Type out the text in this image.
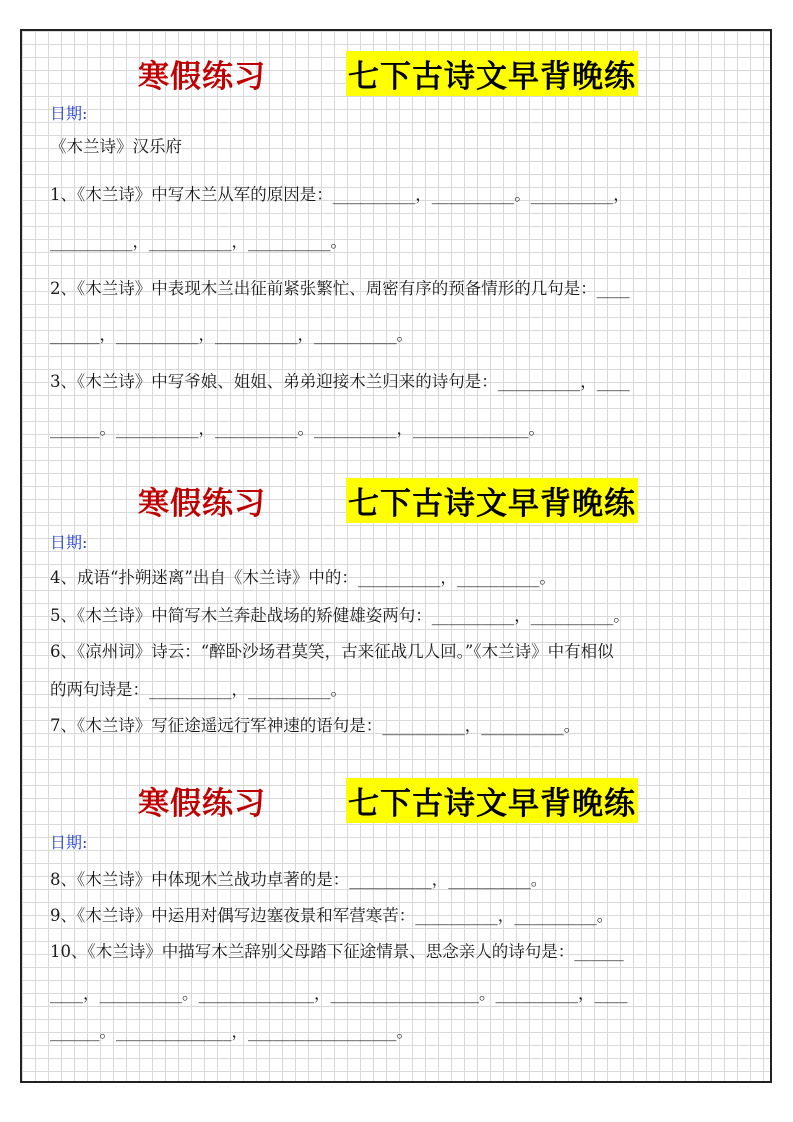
寒假练习	七下古诗文早背晚练
日期:
《木兰诗》汉乐府
1、《木兰诗》中写木兰从军的原因是：__________，__________。__________，
__________，__________，__________。
2、《木兰诗》中表现木兰出征前紧张繁忙、周密有序的预备情形的几句是：____
______，__________，__________，__________。
3、《木兰诗》中写爷娘、姐姐、弟弟迎接木兰归来的诗句是：__________，____
______。__________，__________。__________，______________。
寒假练习	七下古诗文早背晚练
日期:
4、成语“扑朔迷离”出自《木兰诗》中的：__________，__________。
5、《木兰诗》中简写木兰奔赴战场的矫健雄姿两句：__________，__________。
6、《凉州词》诗云：“醉卧沙场君莫笑，古来征战几人回。”《木兰诗》中有相似
的两句诗是：__________，__________。
7、《木兰诗》写征途遥远行军神速的语句是：__________，__________。
寒假练习	七下古诗文早背晚练
日期:
8、《木兰诗》中体现木兰战功卓著的是：__________，__________。
9、《木兰诗》中运用对偶写边塞夜景和军营寒苦：__________，__________。
10、《木兰诗》中描写木兰辞别父母踏下征途情景、思念亲人的诗句是：______
____，__________。______________，__________________。__________，____
______。______________，__________________。
